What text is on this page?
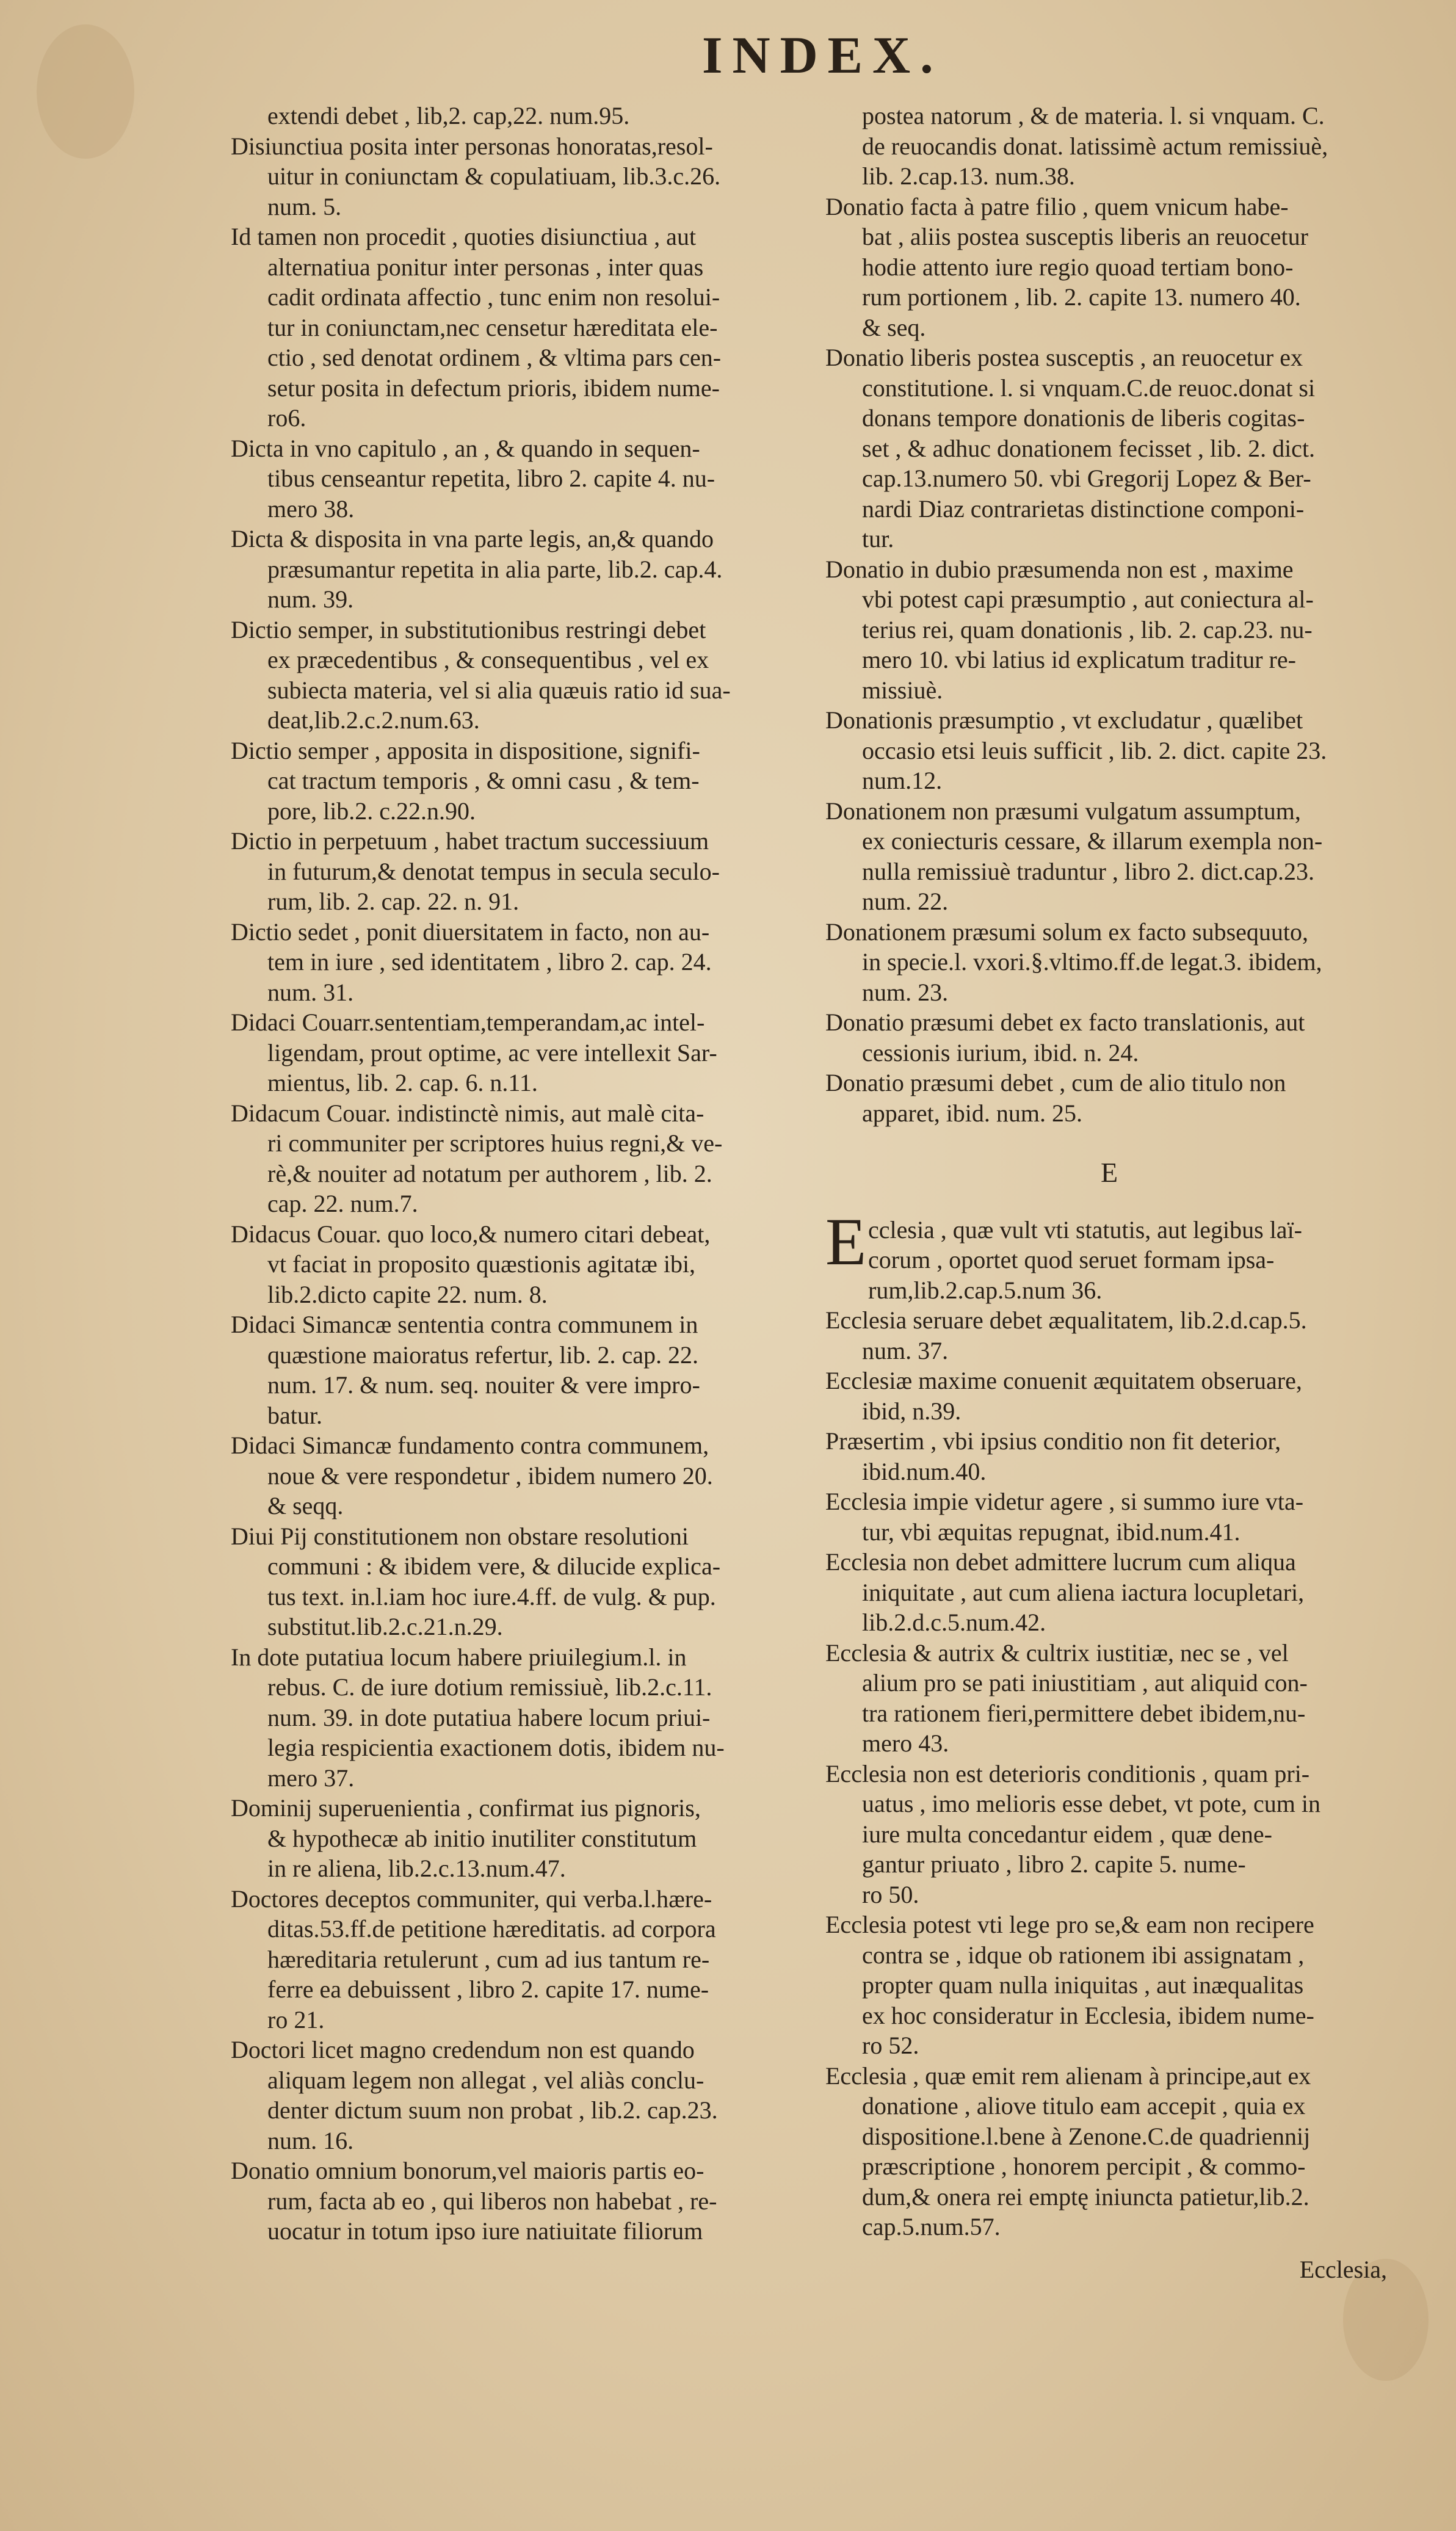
INDEX.

extendi debet , lib,2. cap,22. num.95.

Disiunctiua posita inter personas honoratas,resol-
uitur in coniunctam & copulatiuam, lib.3.c.26.
num. 5.

Id tamen non procedit , quoties disiunctiua , aut
alternatiua ponitur inter personas , inter quas
cadit ordinata affectio , tunc enim non resolui-
tur in coniunctam,nec censetur hæreditata ele-
ctio , sed denotat ordinem , & vltima pars cen-
setur posita in defectum prioris, ibidem nume-
ro6.

Dicta in vno capitulo , an , & quando in sequen-
tibus censeantur repetita, libro 2. capite 4. nu-
mero 38.

Dicta & disposita in vna parte legis, an,& quando
præsumantur repetita in alia parte, lib.2. cap.4.
num. 39.

Dictio semper, in substitutionibus restringi debet
ex præcedentibus , & consequentibus , vel ex
subiecta materia, vel si alia quæuis ratio id sua-
deat,lib.2.c.2.num.63.

Dictio semper , apposita in dispositione, signifi-
cat tractum temporis , & omni casu , & tem-
pore, lib.2. c.22.n.90.

Dictio in perpetuum , habet tractum successiuum
in futurum,& denotat tempus in secula seculo-
rum, lib. 2. cap. 22. n. 91.

Dictio sedet , ponit diuersitatem in facto, non au-
tem in iure , sed identitatem , libro 2. cap. 24.
num. 31.

Didaci Couarr.sententiam,temperandam,ac intel-
ligendam, prout optime, ac vere intellexit Sar-
mientus, lib. 2. cap. 6. n.11.

Didacum Couar. indistinctè nimis, aut malè cita-
ri communiter per scriptores huius regni,& ve-
rè,& nouiter ad notatum per authorem , lib. 2.
cap. 22. num.7.

Didacus Couar. quo loco,& numero citari debeat,
vt faciat in proposito quæstionis agitatæ ibi,
lib.2.dicto capite 22. num. 8.

Didaci Simancæ sententia contra communem in
quæstione maioratus refertur, lib. 2. cap. 22.
num. 17. & num. seq. nouiter & vere impro-
batur.

Didaci Simancæ fundamento contra communem,
noue & vere respondetur , ibidem numero 20.
& seqq.

Diui Pij constitutionem non obstare resolutioni
communi : & ibidem vere, & dilucide explica-
tus text. in.l.iam hoc iure.4.ff. de vulg. & pup.
substitut.lib.2.c.21.n.29.

In dote putatiua locum habere priuilegium.l. in
rebus. C. de iure dotium remissiuè, lib.2.c.11.
num. 39. in dote putatiua habere locum priui-
legia respicientia exactionem dotis, ibidem nu-
mero 37.

Dominij superuenientia , confirmat ius pignoris,
& hypothecæ ab initio inutiliter constitutum
in re aliena, lib.2.c.13.num.47.

Doctores deceptos communiter, qui verba.l.hære-
ditas.53.ff.de petitione hæreditatis. ad corpora
hæreditaria retulerunt , cum ad ius tantum re-
ferre ea debuissent , libro 2. capite 17. nume-
ro 21.

Doctori licet magno credendum non est quando
aliquam legem non allegat , vel aliàs conclu-
denter dictum suum non probat , lib.2. cap.23.
num. 16.

Donatio omnium bonorum,vel maioris partis eo-
rum, facta ab eo , qui liberos non habebat , re-
uocatur in totum ipso iure natiuitate filiorum

postea natorum , & de materia. l. si vnquam. C.
de reuocandis donat. latissimè actum remissiuè,
lib. 2.cap.13. num.38.

Donatio facta à patre filio , quem vnicum habe-
bat , aliis postea susceptis liberis an reuocetur
hodie attento iure regio quoad tertiam bono-
rum portionem , lib. 2. capite 13. numero 40.
& seq.

Donatio liberis postea susceptis , an reuocetur ex
constitutione. l. si vnquam.C.de reuoc.donat si
donans tempore donationis de liberis cogitas-
set , & adhuc donationem fecisset , lib. 2. dict.
cap.13.numero 50. vbi Gregorij Lopez & Ber-
nardi Diaz contrarietas distinctione componi-
tur.

Donatio in dubio præsumenda non est , maxime
vbi potest capi præsumptio , aut coniectura al-
terius rei, quam donationis , lib. 2. cap.23. nu-
mero 10. vbi latius id explicatum traditur re-
missiuè.

Donationis præsumptio , vt excludatur , quælibet
occasio etsi leuis sufficit , lib. 2. dict. capite 23.
num.12.

Donationem non præsumi vulgatum assumptum,
ex coniecturis cessare, & illarum exempla non-
nulla remissiuè traduntur , libro 2. dict.cap.23.
num. 22.

Donationem præsumi solum ex facto subsequuto,
in specie.l. vxori.§.vltimo.ff.de legat.3. ibidem,
num. 23.

Donatio præsumi debet ex facto translationis, aut
cessionis iurium, ibid. n. 24.

Donatio præsumi debet , cum de alio titulo non
apparet, ibid. num. 25.

E
E cclesia , quæ vult vti statutis, aut legibus laï-
corum , oportet quod seruet formam ipsa-
rum,lib.2.cap.5.num 36.

Ecclesia seruare debet æqualitatem, lib.2.d.cap.5.
num. 37.

Ecclesiæ maxime conuenit æquitatem obseruare,
ibid, n.39.

Præsertim , vbi ipsius conditio non fit deterior,
ibid.num.40.

Ecclesia impie videtur agere , si summo iure vta-
tur, vbi æquitas repugnat, ibid.num.41.

Ecclesia non debet admittere lucrum cum aliqua
iniquitate , aut cum aliena iactura locupletari,
lib.2.d.c.5.num.42.

Ecclesia & autrix & cultrix iustitiæ, nec se , vel
alium pro se pati iniustitiam , aut aliquid con-
tra rationem fieri,permittere debet ibidem,nu-
mero 43.

Ecclesia non est deterioris conditionis , quam pri-
uatus , imo melioris esse debet, vt pote, cum in
iure multa concedantur eidem , quæ dene-
gantur priuato , libro 2. capite 5. nume-
ro 50.

Ecclesia potest vti lege pro se,& eam non recipere
contra se , idque ob rationem ibi assignatam ,
propter quam nulla iniquitas , aut inæqualitas
ex hoc consideratur in Ecclesia, ibidem nume-
ro 52.

Ecclesia , quæ emit rem alienam à principe,aut ex
donatione , aliove titulo eam accepit , quia ex
dispositione.l.bene à Zenone.C.de quadriennij
præscriptione , honorem percipit , & commo-
dum,& onera rei emptę iniuncta patietur,lib.2.
cap.5.num.57.

Ecclesia,
